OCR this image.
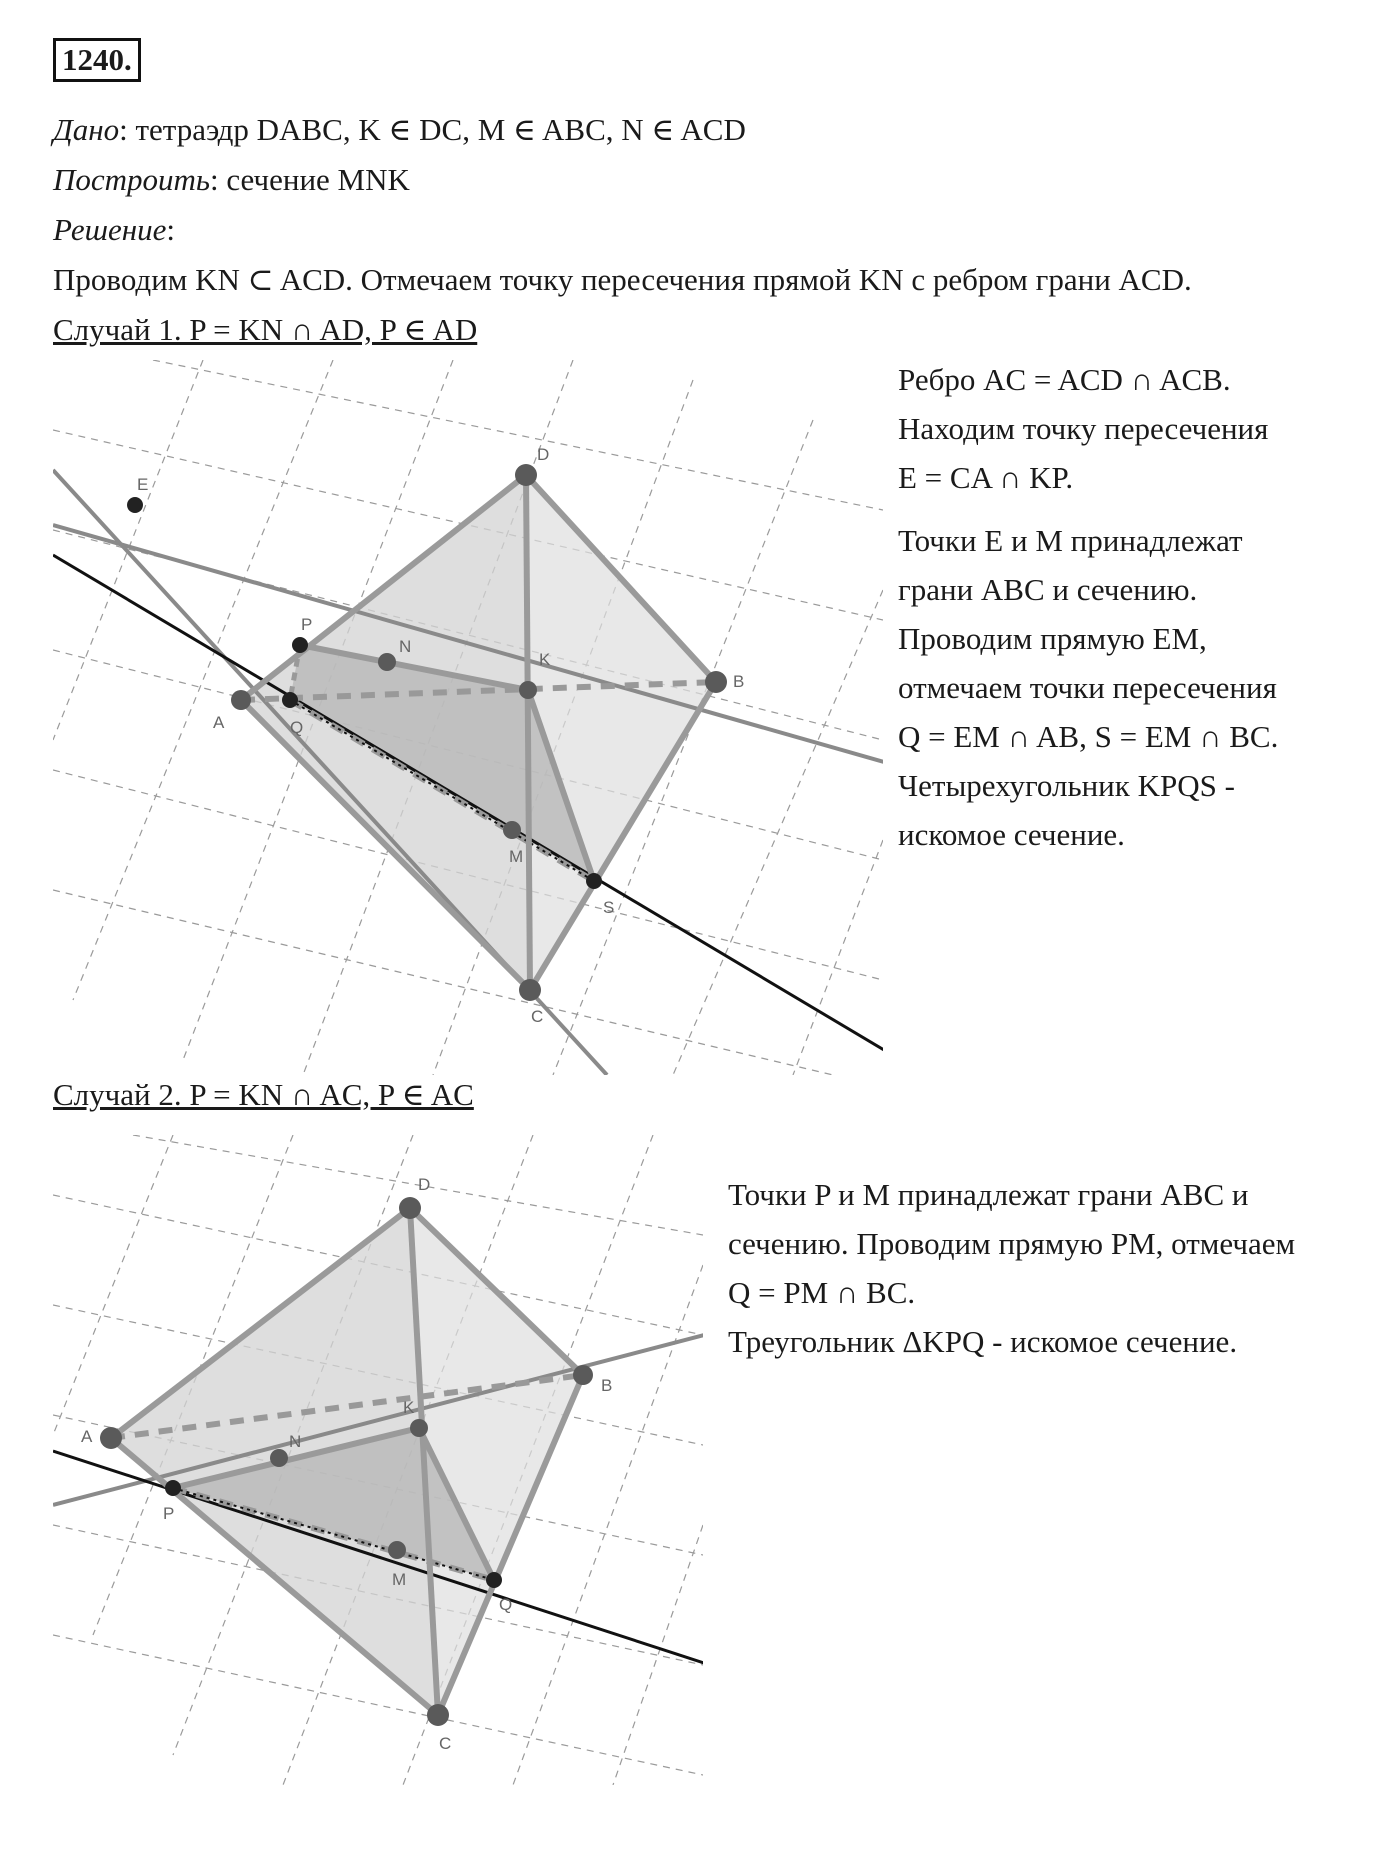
1240.
Дано: тетраэдр DABC, K ∈ DC, M ∈ ABC, N ∈ ACD
Построить: сечение MNK
Решение:
Проводим KN ⊂ ACD. Отмечаем точку пересечения прямой KN с ребром грани ACD.
Случай 1. P = KN ∩ AD, P ∈ AD
D
E
P
N
K
B
A	Q
M
S
C

Ребро AC = ACD ∩ ACB.

Находим точку пересечения

E = CA ∩ KP.

Точки E и M принадлежат

грани ABC и сечению.

Проводим прямую EM,

отмечаем точки пересечения

Q = EM ∩ AB, S = EM ∩ BC.

Четырехугольник KPQS -

искомое сечение.

Случай 2. P = KN ∩ AC, P ∈ AC
D
B
K
A	N
P
M
Q
C

Точки P и M принадлежат грани ABC и

сечению. Проводим прямую PM, отмечаем

Q = PM ∩ BC.

Треугольник ΔKPQ - искомое сечение.
